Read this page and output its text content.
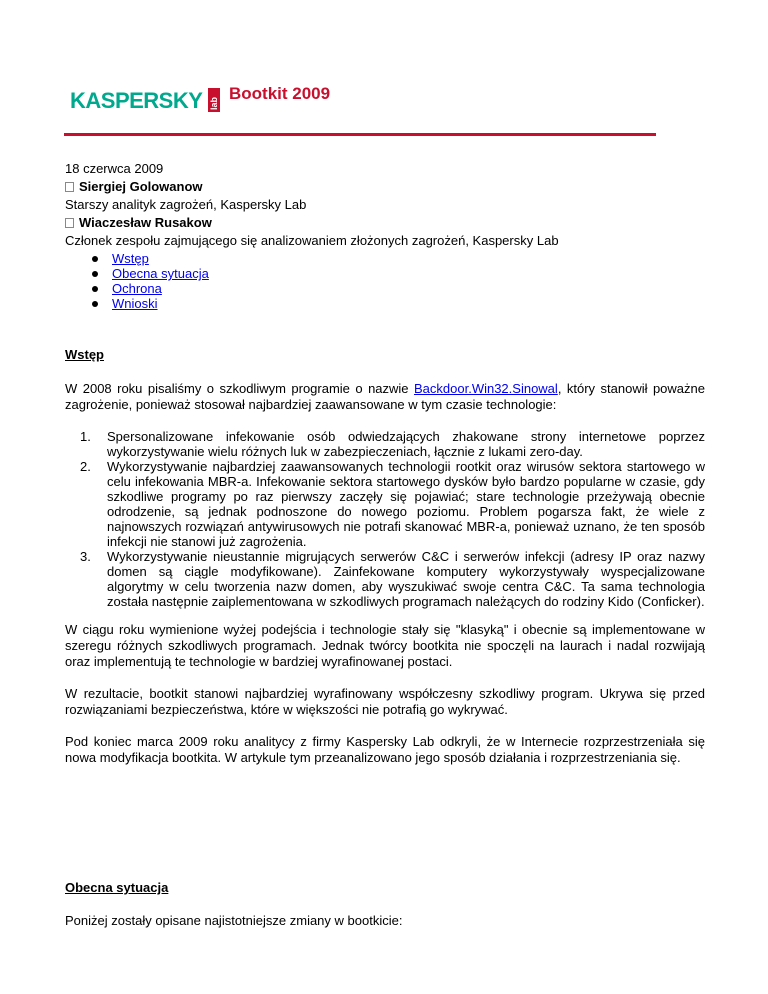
KASPERSKY lab
Bootkit 2009
18 czerwca 2009
Siergiej Golowanow
Starszy analityk zagrożeń, Kaspersky Lab
Wiaczesław Rusakow
Członek zespołu zajmującego się analizowaniem złożonych zagrożeń, Kaspersky Lab
Wstęp
Obecna sytuacja
Ochrona
Wnioski
Wstęp
W 2008 roku pisaliśmy o szkodliwym programie o nazwie Backdoor.Win32.Sinowal, który stanowił poważne zagrożenie, ponieważ stosował najbardziej zaawansowane w tym czasie technologie:
1. Spersonalizowane infekowanie osób odwiedzających zhakowane strony internetowe poprzez wykorzystywanie wielu różnych luk w zabezpieczeniach, łącznie z lukami zero-day.
2. Wykorzystywanie najbardziej zaawansowanych technologii rootkit oraz wirusów sektora startowego w celu infekowania MBR-a. Infekowanie sektora startowego dysków było bardzo popularne w czasie, gdy szkodliwe programy po raz pierwszy zaczęły się pojawiać; stare technologie przeżywają obecnie odrodzenie, są jednak podnoszone do nowego poziomu. Problem pogarsza fakt, że wiele z najnowszych rozwiązań antywirusowych nie potrafi skanować MBR-a, ponieważ uznano, że ten sposób infekcji nie stanowi już zagrożenia.
3. Wykorzystywanie nieustannie migrujących serwerów C&C i serwerów infekcji (adresy IP oraz nazwy domen są ciągle modyfikowane). Zainfekowane komputery wykorzystywały wyspecjalizowane algorytmy w celu tworzenia nazw domen, aby wyszukiwać swoje centra C&C. Ta sama technologia została następnie zaiplementowana w szkodliwych programach należących do rodziny Kido (Conficker).
W ciągu roku wymienione wyżej podejścia i technologie stały się "klasyką" i obecnie są implementowane w szeregu różnych szkodliwych programach. Jednak twórcy bootkita nie spoczęli na laurach i nadal rozwijają oraz implementują te technologie w bardziej wyrafinowanej postaci.
W rezultacie, bootkit stanowi najbardziej wyrafinowany współczesny szkodliwy program. Ukrywa się przed rozwiązaniami bezpieczeństwa, które w większości nie potrafią go wykrywać.
Pod koniec marca 2009 roku analitycy z firmy Kaspersky Lab odkryli, że w Internecie rozprzestrzeniała się nowa modyfikacja bootkita. W artykule tym przeanalizowano jego sposób działania i rozprzestrzeniania się.
Obecna sytuacja
Poniżej zostały opisane najistotniejsze zmiany w bootkicie:
